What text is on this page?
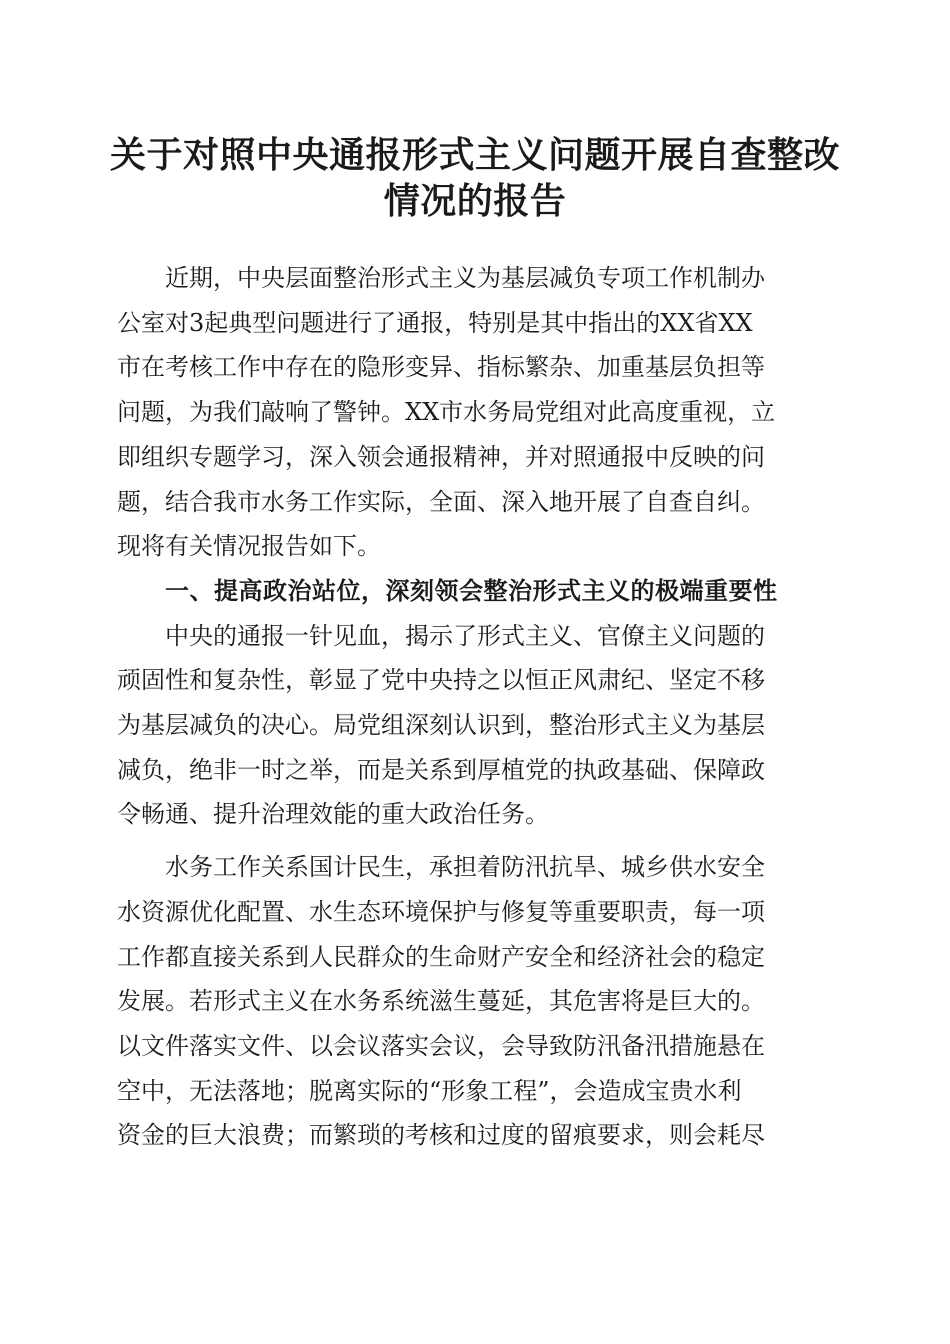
关于对照中央通报形式主义问题开展自查整改
情况的报告

近期，中央层面整治形式主义为基层减负专项工作机制办

公室对3起典型问题进行了通报，特别是其中指出的XX省XX

市在考核工作中存在的隐形变异、指标繁杂、加重基层负担等

问题，为我们敲响了警钟。XX市水务局党组对此高度重视，立

即组织专题学习，深入领会通报精神，并对照通报中反映的问

题，结合我市水务工作实际，全面、深入地开展了自查自纠。

现将有关情况报告如下。

一、提高政治站位，深刻领会整治形式主义的极端重要性

中央的通报一针见血，揭示了形式主义、官僚主义问题的

顽固性和复杂性，彰显了党中央持之以恒正风肃纪、坚定不移

为基层减负的决心。局党组深刻认识到，整治形式主义为基层

减负，绝非一时之举，而是关系到厚植党的执政基础、保障政

令畅通、提升治理效能的重大政治任务。

水务工作关系国计民生，承担着防汛抗旱、城乡供水安全

水资源优化配置、水生态环境保护与修复等重要职责，每一项

工作都直接关系到人民群众的生命财产安全和经济社会的稳定

发展。若形式主义在水务系统滋生蔓延，其危害将是巨大的。

以文件落实文件、以会议落实会议，会导致防汛备汛措施悬在

空中，无法落地；脱离实际的“形象工程”，会造成宝贵水利

资金的巨大浪费；而繁琐的考核和过度的留痕要求，则会耗尽
